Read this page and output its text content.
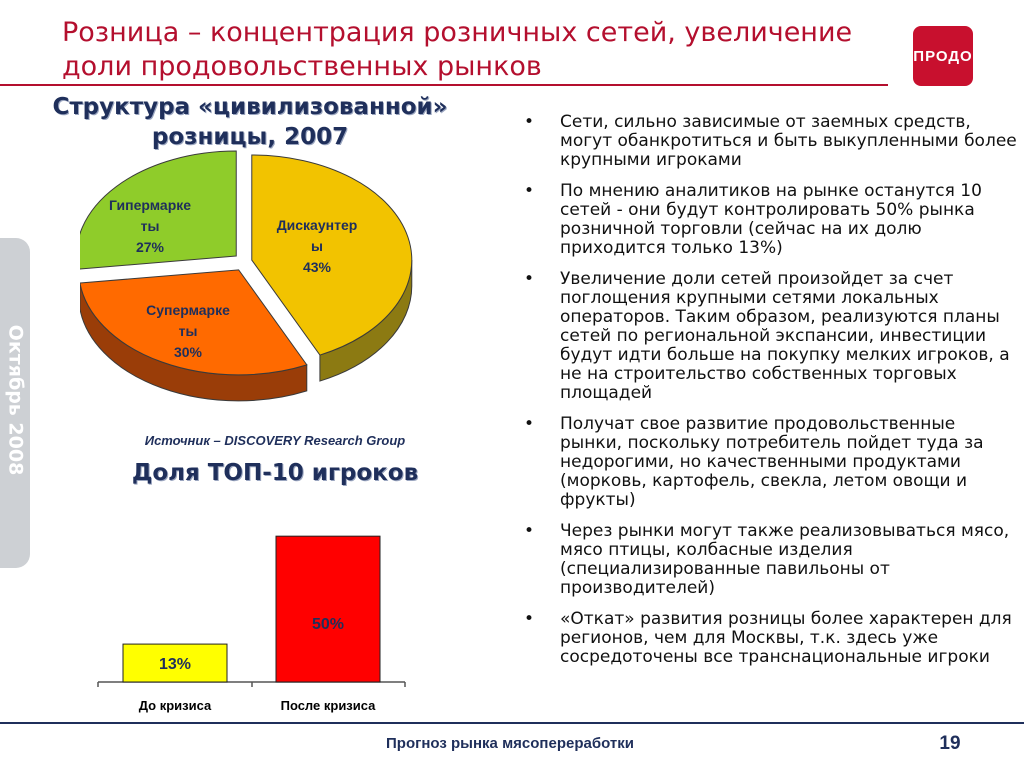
Розница – концентрация розничных сетей, увеличение доли продовольственных рынков	ПРОДО
Октябрь 2008
Структура «цивилизованной» розницы, 2007
Дискаунтер ы 43%
Супермарке ты 30%
Гипермарке ты 27%
Источник – DISCOVERY Research Group
Доля ТОП-10 игроков
13%
До кризиса
50%
После кризиса
• Сети, сильно зависимые от заемных средств, могут обанкротиться и быть выкупленными более крупными игроками
• По мнению аналитиков на рынке останутся 10 сетей - они будут контролировать 50% рынка розничной торговли (сейчас на их долю приходится только 13%)
• Увеличение доли сетей произойдет за счет поглощения крупными сетями локальных операторов. Таким образом, реализуются планы сетей по региональной экспансии, инвестиции будут идти больше на покупку мелких игроков, а не на строительство собственных торговых площадей
• Получат свое развитие продовольственные рынки, поскольку потребитель пойдет туда за недорогими, но качественными продуктами (морковь, картофель, свекла, летом овощи и фрукты)
• Через рынки могут также реализовываться мясо, мясо птицы, колбасные изделия (специализированные павильоны от производителей)
• «Откат» развития розницы более характерен для регионов, чем для Москвы, т.к. здесь уже сосредоточены все транснациональные игроки
Прогноз рынка мясопереработки	19
